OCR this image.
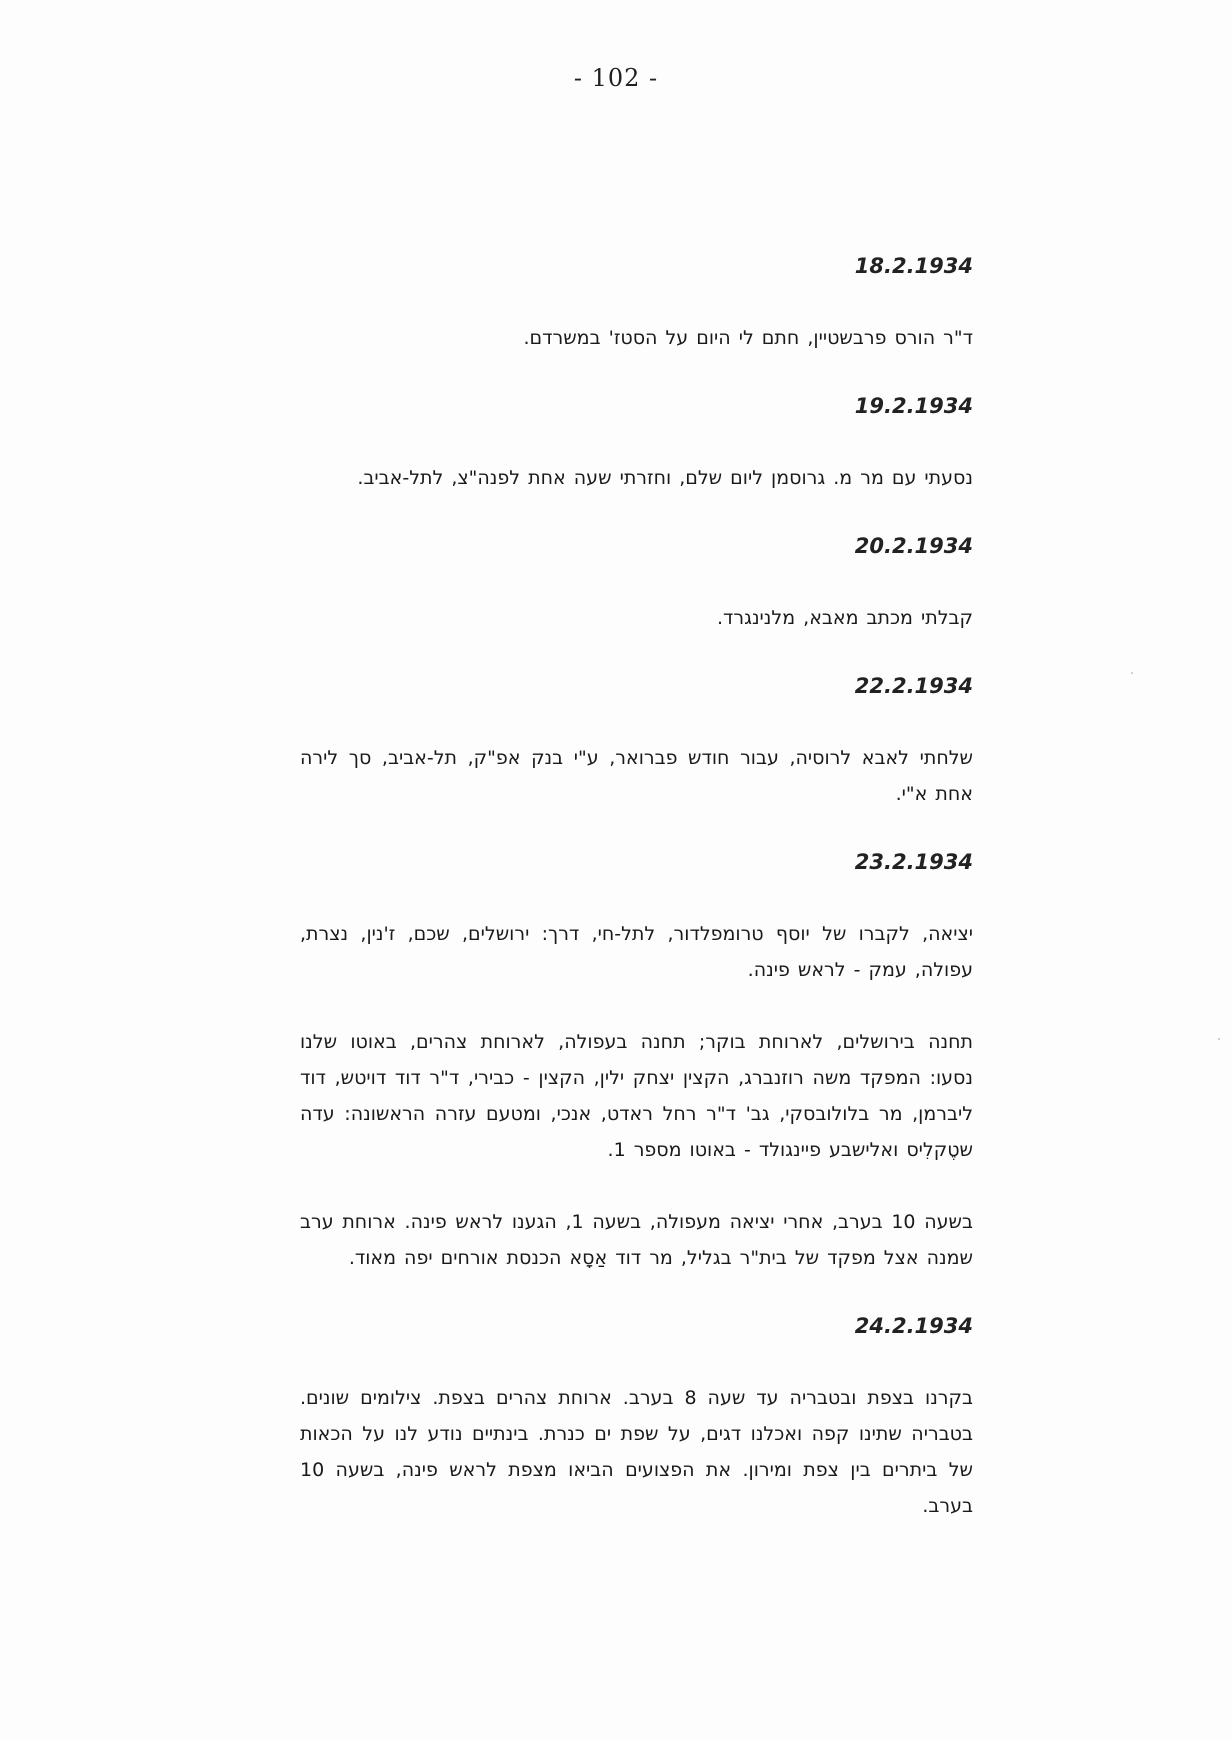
- 102 -
18.2.1934

ד"ר הורס פרבשטיין, חתם לי היום על הסטז' במשרדם.

19.2.1934

נסעתי עם מר מ. גרוסמן ליום שלם, וחזרתי שעה אחת לפנה"צ, לתל-אביב.

20.2.1934

קבלתי מכתב מאבא, מלנינגרד.

22.2.1934

שלחתי לאבא לרוסיה, עבור חודש פברואר, ע"י בנק אפ"ק, תל-אביב, סך לירה אחת א"י.

23.2.1934

יציאה, לקברו של יוסף טרומפלדור, לתל-חי, דרך: ירושלים, שכם, ז'נין, נצרת, עפולה, עמק - לראש פינה.

תחנה בירושלים, לארוחת בוקר; תחנה בעפולה, לארוחת צהרים, באוטו שלנו נסעו: המפקד משה רוזנברג, הקצין יצחק ילין, הקצין - כבירי, ד"ר דוד דויטש, דוד ליברמן, מר בלולובסקי, גב' ד"ר רחל ראדט, אנכי, ומטעם עזרה הראשונה: עדה שטֶקלִיס ואלישבע פיינגולד - באוטו מספר 1.

בשעה 10 בערב, אחרי יציאה מעפולה, בשעה 1, הגענו לראש פינה. ארוחת ערב שמנה אצל מפקד של בית"ר בגליל, מר דוד אַסָא הכנסת אורחים יפה מאוד.

24.2.1934

בקרנו בצפת ובטבריה עד שעה 8 בערב. ארוחת צהרים בצפת. צילומים שונים. בטבריה שתינו קפה ואכלנו דגים, על שפת ים כנרת. בינתיים נודע לנו על הכאות של ביתרים בין צפת ומירון. את הפצועים הביאו מצפת לראש פינה, בשעה 10 בערב.
